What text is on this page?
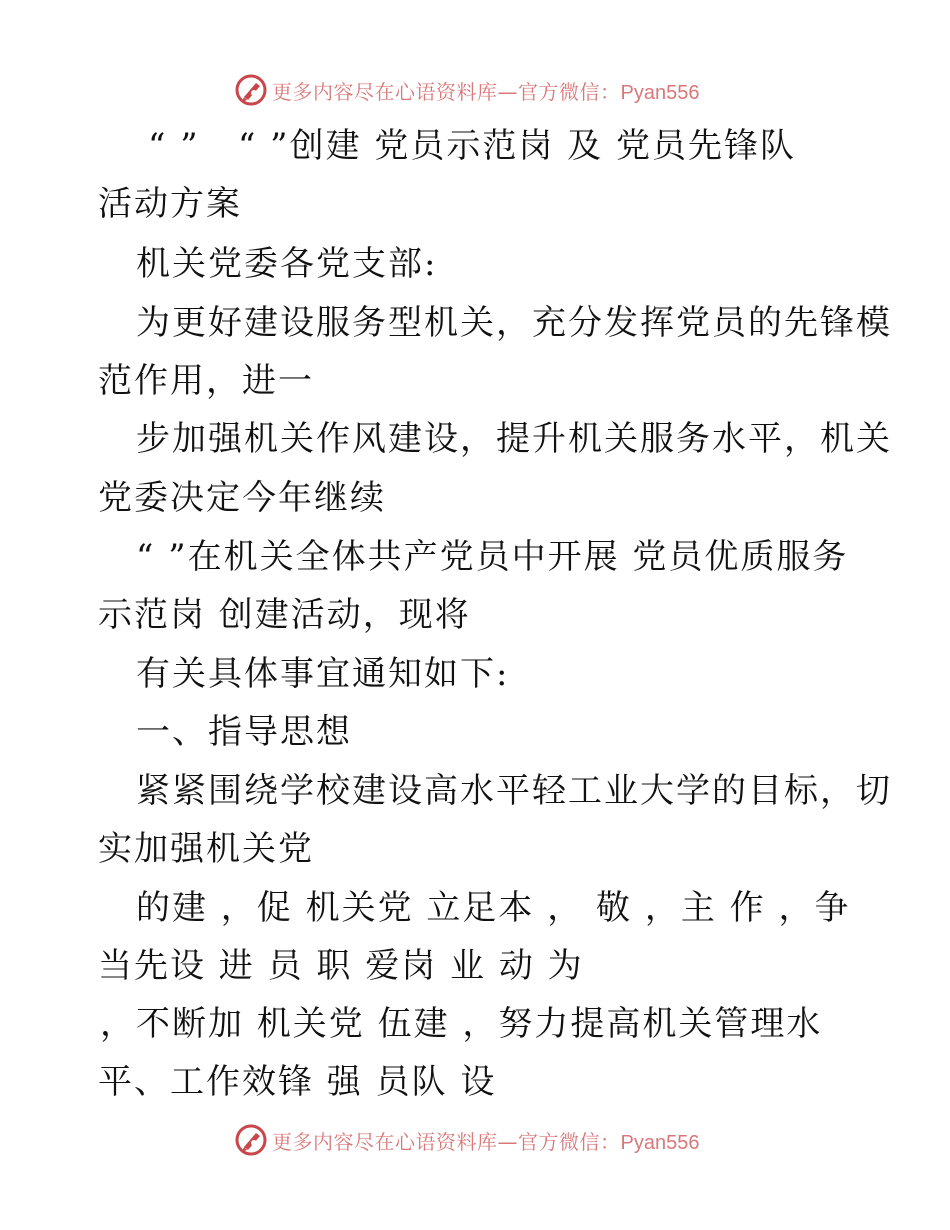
更多内容尽在心语资料库—官方微信：Pyan556
“ ”   “ ”创建 党员示范岗 及 党员先锋队
活动方案
机关党委各党支部:
为更好建设服务型机关，充分发挥党员的先锋模
范作用，进一
步加强机关作风建设，提升机关服务水平，机关
党委决定今年继续
“ ”在机关全体共产党员中开展 党员优质服务
示范岗 创建活动，现将
有关具体事宜通知如下:
一、指导思想
紧紧围绕学校建设高水平轻工业大学的目标，切
实加强机关党
的建 ，促 机关党 立足本 ， 敬 ，主 作 ，争
当先设 进 员 职 爱岗 业 动 为
，不断加 机关党 伍建 ，努力提高机关管理水
平、工作效锋 强 员队 设
更多内容尽在心语资料库—官方微信：Pyan556
